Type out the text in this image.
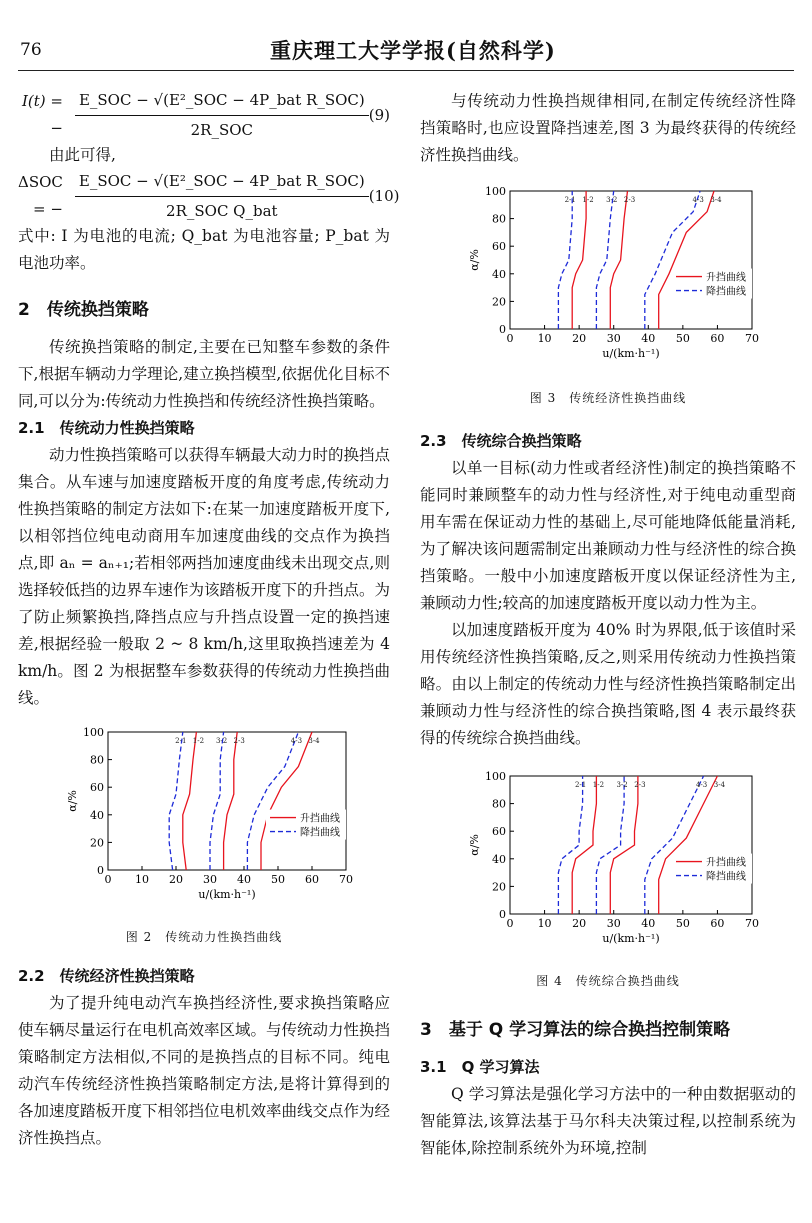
76	重庆理工大学学报(自然科学)
I(t) = − $\frac{\text{E\_SOC − √(E²\_SOC − 4P\_bat R\_SOC)}}{\text{2R\_SOC}} (9)$

由此可得,

ΔSOC = − $\frac{\text{E\_SOC − √(E²\_SOC − 4P\_bat R\_SOC)}}{\text{2R\_SOC Q\_bat}} (10)$

式中: I 为电池的电流; Q_bat 为电池容量; P_bat 为电池功率。

2　传统换挡策略

传统换挡策略的制定,主要在已知整车参数的条件下,根据车辆动力学理论,建立换挡模型,依据优化目标不同,可以分为:传统动力性换挡和传统经济性换挡策略。

2.1　传统动力性换挡策略

动力性换挡策略可以获得车辆最大动力时的换挡点集合。从车速与加速度踏板开度的角度考虑,传统动力性换挡策略的制定方法如下:在某一加速度踏板开度下,以相邻挡位纯电动商用车加速度曲线的交点作为换挡点,即 aₙ = aₙ₊₁;若相邻两挡加速度曲线未出现交点,则选择较低挡的边界车速作为该踏板开度下的升挡点。为了防止频繁换挡,降挡点应与升挡点设置一定的换挡速差,根据经验一般取 2 ~ 8 km/h,这里取换挡速差为 4 km/h。图 2 为根据整车参数获得的传统动力性换挡曲线。

0 10 20 30 40 50 60 70
0
20
40
60
80
100
u/(km·h⁻¹)
α/%
1-2	2-3	3-4
2-1	3-2	4-3
升挡曲线
降挡曲线

图 2　传统动力性换挡曲线

2.2　传统经济性换挡策略

为了提升纯电动汽车换挡经济性,要求换挡策略应使车辆尽量运行在电机高效率区域。与传统动力性换挡策略制定方法相似,不同的是换挡点的目标不同。纯电动汽车传统经济性换挡策略制定方法,是将计算得到的各加速度踏板开度下相邻挡位电机效率曲线交点作为经济性换挡点。

与传统动力性换挡规律相同,在制定传统经济性降挡策略时,也应设置降挡速差,图 3 为最终获得的传统经济性换挡曲线。

0 10 20 30 40 50 60 70
0
20
40
60
80
100
u/(km·h⁻¹)
α/%
1-2	2-3	3-4
2-1	3-2	4-3
升挡曲线
降挡曲线

图 3　传统经济性换挡曲线

2.3　传统综合换挡策略

以单一目标(动力性或者经济性)制定的换挡策略不能同时兼顾整车的动力性与经济性,对于纯电动重型商用车需在保证动力性的基础上,尽可能地降低能量消耗,为了解决该问题需制定出兼顾动力性与经济性的综合换挡策略。一般中小加速度踏板开度以保证经济性为主,兼顾动力性;较高的加速度踏板开度以动力性为主。

以加速度踏板开度为 40% 时为界限,低于该值时采用传统经济性换挡策略,反之,则采用传统动力性换挡策略。由以上制定的传统动力性与经济性换挡策略制定出兼顾动力性与经济性的综合换挡策略,图 4 表示最终获得的传统综合换挡曲线。

0 10 20 30 40 50 60 70
0
20
40
60
80
100
u/(km·h⁻¹)
α/%
1-2	2-3	3-4
2-1	3-2	4-3
升挡曲线
降挡曲线

图 4　传统综合换挡曲线

3　基于 Q 学习算法的综合换挡控制策略

3.1　Q 学习算法

Q 学习算法是强化学习方法中的一种由数据驱动的智能算法,该算法基于马尔科夫决策过程,以控制系统为智能体,除控制系统外为环境,控制
